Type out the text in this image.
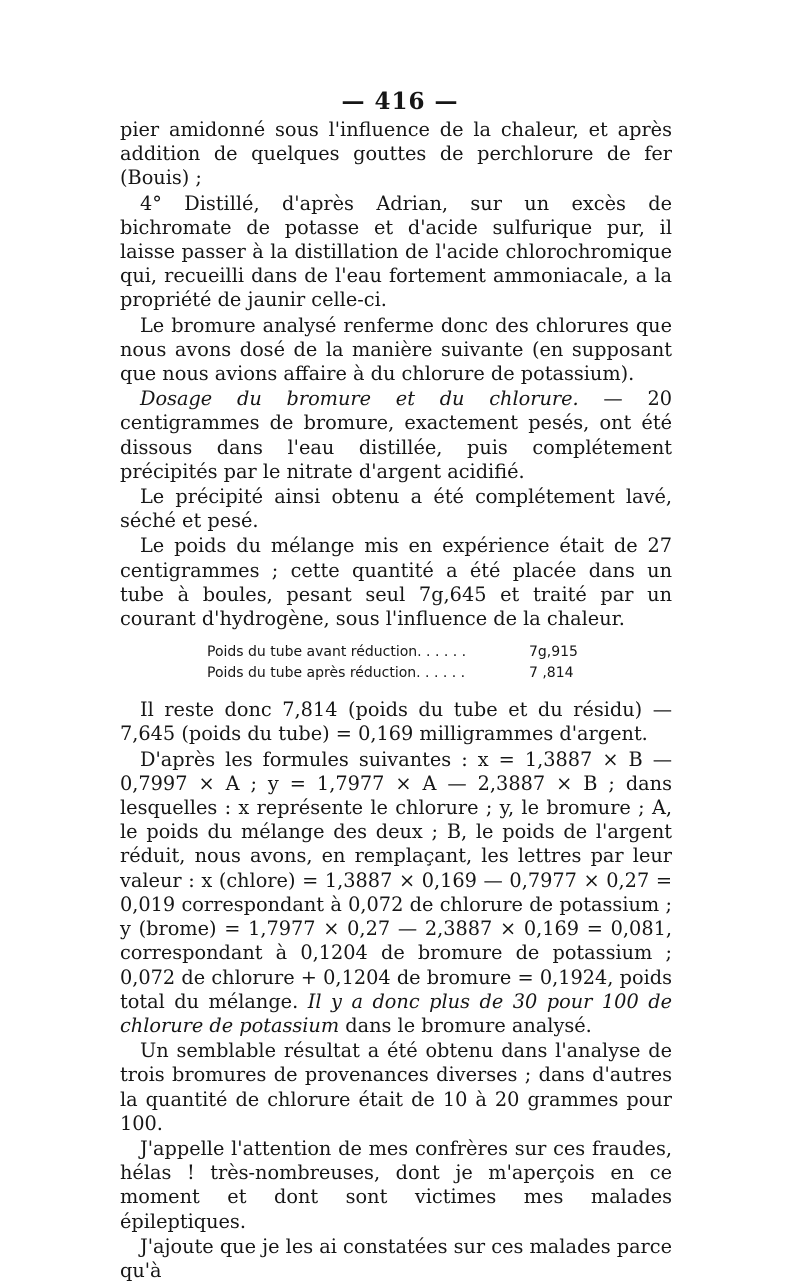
— 416 —

pier amidonné sous l'influence de la chaleur, et après addition de quelques gouttes de perchlorure de fer (Bouis) ;

4° Distillé, d'après Adrian, sur un excès de bichromate de potasse et d'acide sulfurique pur, il laisse passer à la distillation de l'acide chlorochromique qui, recueilli dans de l'eau fortement ammoniacale, a la propriété de jaunir celle-ci.

Le bromure analysé renferme donc des chlorures que nous avons dosé de la manière suivante (en supposant que nous avions affaire à du chlorure de potassium).

Dosage du bromure et du chlorure. — 20 centigrammes de bromure, exactement pesés, ont été dissous dans l'eau distillée, puis complétement précipités par le nitrate d'argent acidifié.

Le précipité ainsi obtenu a été complétement lavé, séché et pesé.

Le poids du mélange mis en expérience était de 27 centigrammes ; cette quantité a été placée dans un tube à boules, pesant seul 7g,645 et traité par un courant d'hydrogène, sous l'influence de la chaleur.

Poids du tube avant réduction. . . . . .	7g,915
Poids du tube après réduction. . . . . .	7 ,814

Il reste donc 7,814 (poids du tube et du résidu) — 7,645 (poids du tube) = 0,169 milligrammes d'argent.

D'après les formules suivantes : x = 1,3887 × B — 0,7997 × A ; y = 1,7977 × A — 2,3887 × B ; dans lesquelles : x représente le chlorure ; y, le bromure ; A, le poids du mélange des deux ; B, le poids de l'argent réduit, nous avons, en remplaçant, les lettres par leur valeur : x (chlore) = 1,3887 × 0,169 — 0,7977 × 0,27 = 0,019 correspondant à 0,072 de chlorure de potassium ; y (brome) = 1,7977 × 0,27 — 2,3887 × 0,169 = 0,081, correspondant à 0,1204 de bromure de potassium ; 0,072 de chlorure + 0,1204 de bromure = 0,1924, poids total du mélange. Il y a donc plus de 30 pour 100 de chlorure de potassium dans le bromure analysé.

Un semblable résultat a été obtenu dans l'analyse de trois bromures de provenances diverses ; dans d'autres la quantité de chlorure était de 10 à 20 grammes pour 100.

J'appelle l'attention de mes confrères sur ces fraudes, hélas ! très-nombreuses, dont je m'aperçois en ce moment et dont sont victimes mes malades épileptiques.

J'ajoute que je les ai constatées sur ces malades parce qu'à
